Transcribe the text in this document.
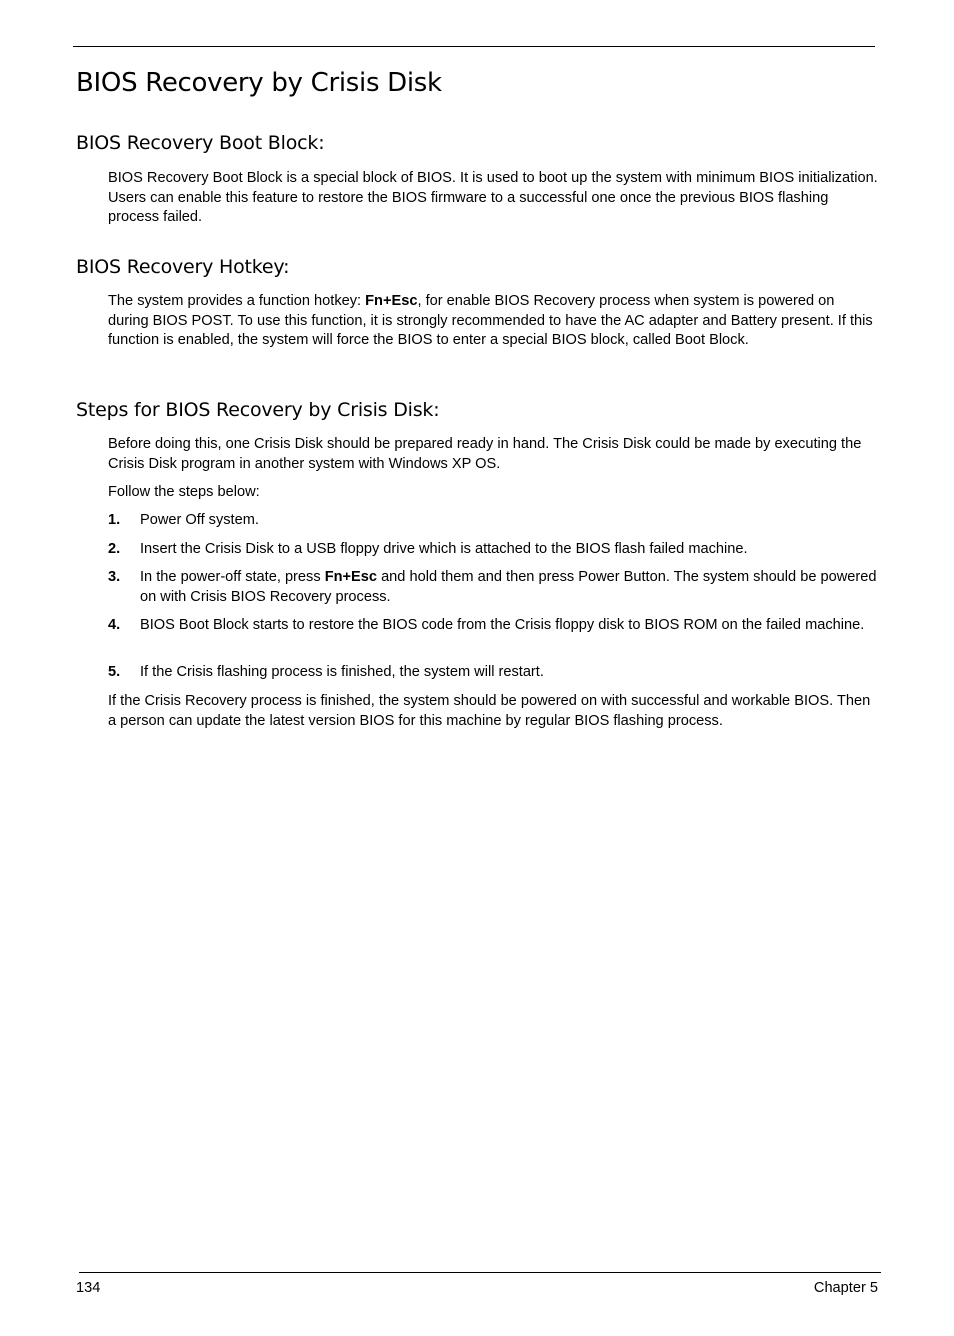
BIOS Recovery by Crisis Disk
BIOS Recovery Boot Block:

BIOS Recovery Boot Block is a special block of BIOS. It is used to boot up the system with minimum BIOS initialization. Users can enable this feature to restore the BIOS firmware to a successful one once the previous BIOS flashing process failed.

BIOS Recovery Hotkey:

The system provides a function hotkey: Fn+Esc, for enable BIOS Recovery process when system is powered on during BIOS POST. To use this function, it is strongly recommended to have the AC adapter and Battery present. If this function is enabled, the system will force the BIOS to enter a special BIOS block, called Boot Block.

Steps for BIOS Recovery by Crisis Disk:

Before doing this, one Crisis Disk should be prepared ready in hand. The Crisis Disk could be made by executing the Crisis Disk program in another system with Windows XP OS.

Follow the steps below:

1. Power Off system.
2. Insert the Crisis Disk to a USB floppy drive which is attached to the BIOS flash failed machine.
3. In the power-off state, press Fn+Esc and hold them and then press Power Button. The system should be powered on with Crisis BIOS Recovery process.
4. BIOS Boot Block starts to restore the BIOS code from the Crisis floppy disk to BIOS ROM on the failed machine.
5. If the Crisis flashing process is finished, the system will restart.

If the Crisis Recovery process is finished, the system should be powered on with successful and workable BIOS. Then a person can update the latest version BIOS for this machine by regular BIOS flashing process.

134	Chapter 5
